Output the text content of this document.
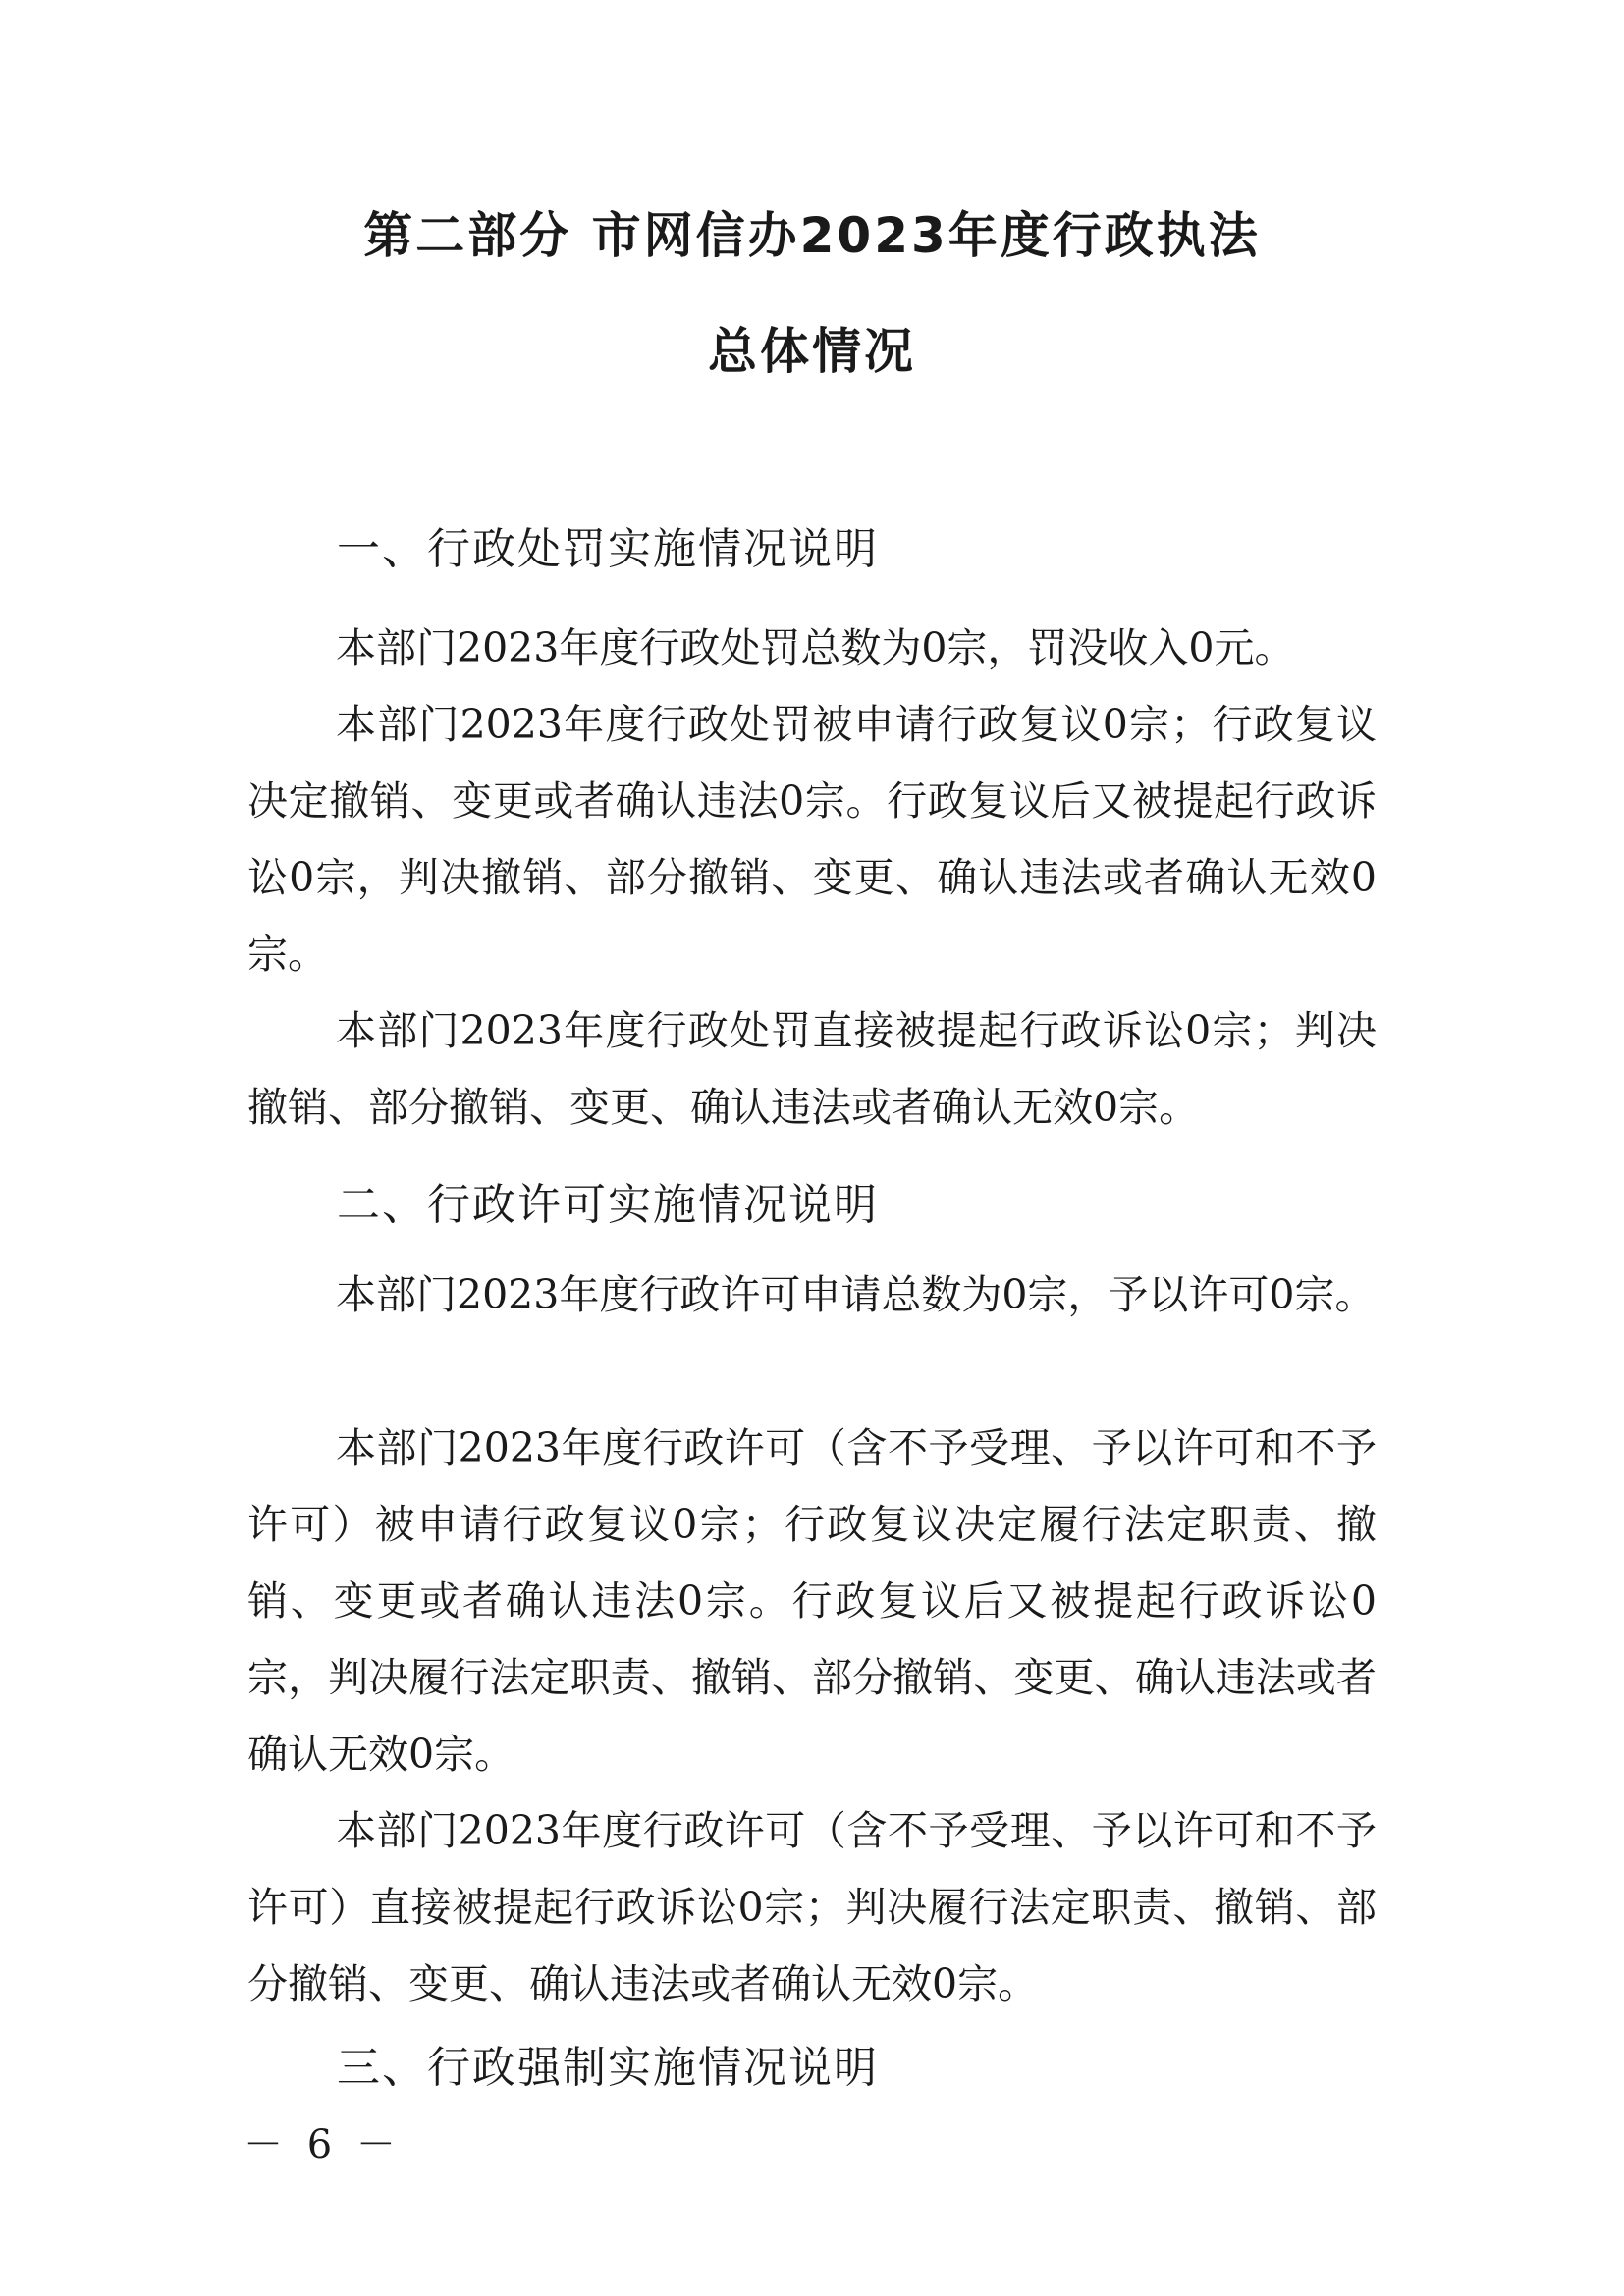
第二部分 市网信办2023年度行政执法
总体情况
一、行政处罚实施情况说明
本部门2023年度行政处罚总数为0宗，罚没收入0元。
本部门2023年度行政处罚被申请行政复议0宗；行政复议决定撤销、变更或者确认违法0宗。行政复议后又被提起行政诉讼0宗，判决撤销、部分撤销、变更、确认违法或者确认无效0宗。
本部门2023年度行政处罚直接被提起行政诉讼0宗；判决撤销、部分撤销、变更、确认违法或者确认无效0宗。
二、行政许可实施情况说明
本部门2023年度行政许可申请总数为0宗，予以许可0宗。
本部门2023年度行政许可（含不予受理、予以许可和不予许可）被申请行政复议0宗；行政复议决定履行法定职责、撤销、变更或者确认违法0宗。行政复议后又被提起行政诉讼0宗，判决履行法定职责、撤销、部分撤销、变更、确认违法或者确认无效0宗。
本部门2023年度行政许可（含不予受理、予以许可和不予许可）直接被提起行政诉讼0宗；判决履行法定职责、撤销、部分撤销、变更、确认违法或者确认无效0宗。
三、行政强制实施情况说明
－ 6 －
